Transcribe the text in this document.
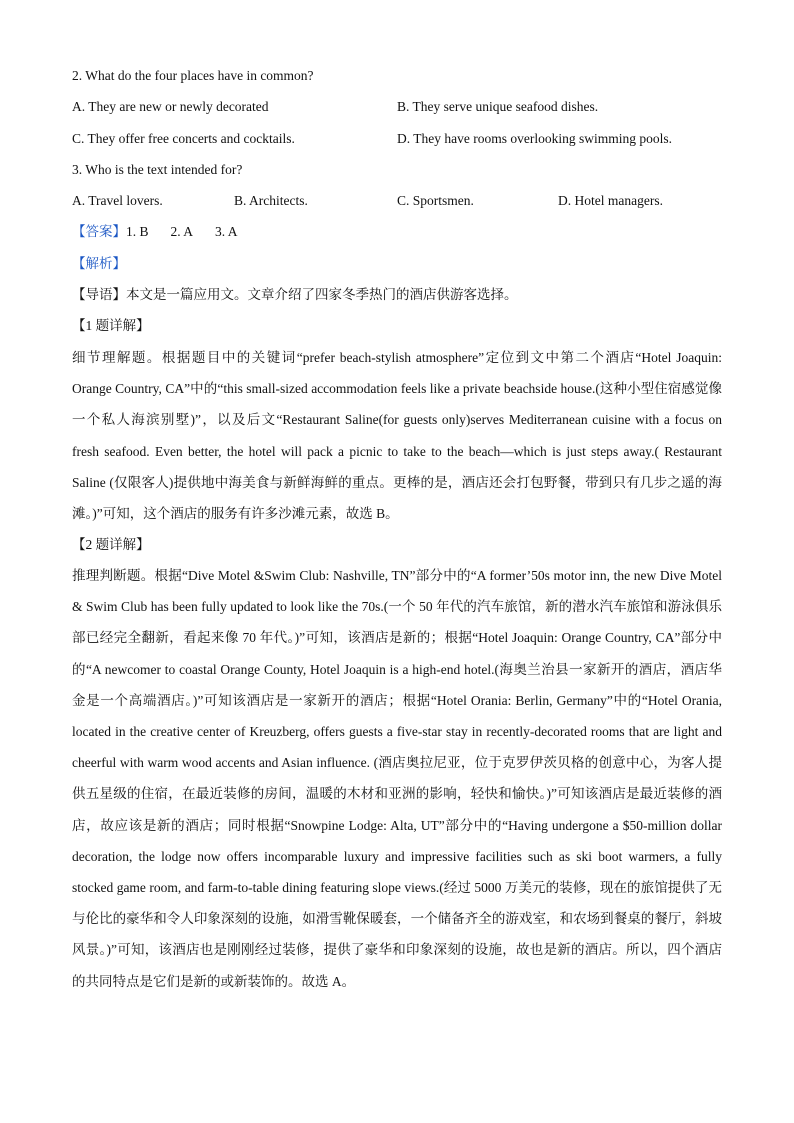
2. What do the four places have in common?
A. They are new or newly decorated	B. They serve unique seafood dishes.
C. They offer free concerts and cocktails.	D. They have rooms overlooking swimming pools.
3. Who is the text intended for?
A. Travel lovers.	B. Architects.	C. Sportsmen.	D. Hotel managers.
【答案】1. B 2. A 3. A
【解析】
【导语】本文是一篇应用文。文章介绍了四家冬季热门的酒店供游客选择。
【1 题详解】
细节理解题。根据题目中的关键词“prefer beach-stylish atmosphere”定位到文中第二个酒店“Hotel Joaquin: Orange Country, CA”中的“this small-sized accommodation feels like a private beachside house.(这种小型住宿感觉像一个私人海滨别墅)”，以及后文“Restaurant Saline(for guests only)serves Mediterranean cuisine with a focus on fresh seafood. Even better, the hotel will pack a picnic to take to the beach—which is just steps away.( Restaurant Saline (仅限客人)提供地中海美食与新鲜海鲜的重点。更棒的是，酒店还会打包野餐，带到只有几步之遥的海滩。)”可知，这个酒店的服务有许多沙滩元素，故选 B。
【2 题详解】
推理判断题。根据“Dive Motel &Swim Club: Nashville, TN”部分中的“A former’50s motor inn, the new Dive Motel & Swim Club has been fully updated to look like the 70s.(一个 50 年代的汽车旅馆，新的潜水汽车旅馆和游泳俱乐部已经完全翻新，看起来像 70 年代。)”可知，该酒店是新的；根据“Hotel Joaquin: Orange Country, CA”部分中的“A newcomer to coastal Orange County, Hotel Joaquin is a high-end hotel.(海奥兰治县一家新开的酒店，酒店华金是一个高端酒店。)”可知该酒店是一家新开的酒店；根据“Hotel Orania: Berlin, Germany”中的“Hotel Orania, located in the creative center of Kreuzberg, offers guests a five-star stay in recently-decorated rooms that are light and cheerful with warm wood accents and Asian influence. (酒店奥拉尼亚，位于克罗伊茨贝格的创意中心，为客人提供五星级的住宿，在最近装修的房间，温暖的木材和亚洲的影响，轻快和愉快。)”可知该酒店是最近装修的酒店，故应该是新的酒店；同时根据“Snowpine Lodge: Alta, UT”部分中的“Having undergone a $50-million dollar decoration, the lodge now offers incomparable luxury and impressive facilities such as ski boot warmers, a fully stocked game room, and farm-to-table dining featuring slope views.(经过 5000 万美元的装修，现在的旅馆提供了无与伦比的豪华和令人印象深刻的设施，如滑雪靴保暖套，一个储备齐全的游戏室，和农场到餐桌的餐厅，斜坡风景。)”可知，该酒店也是刚刚经过装修，提供了豪华和印象深刻的设施，故也是新的酒店。所以，四个酒店的共同特点是它们是新的或新装饰的。故选 A。
